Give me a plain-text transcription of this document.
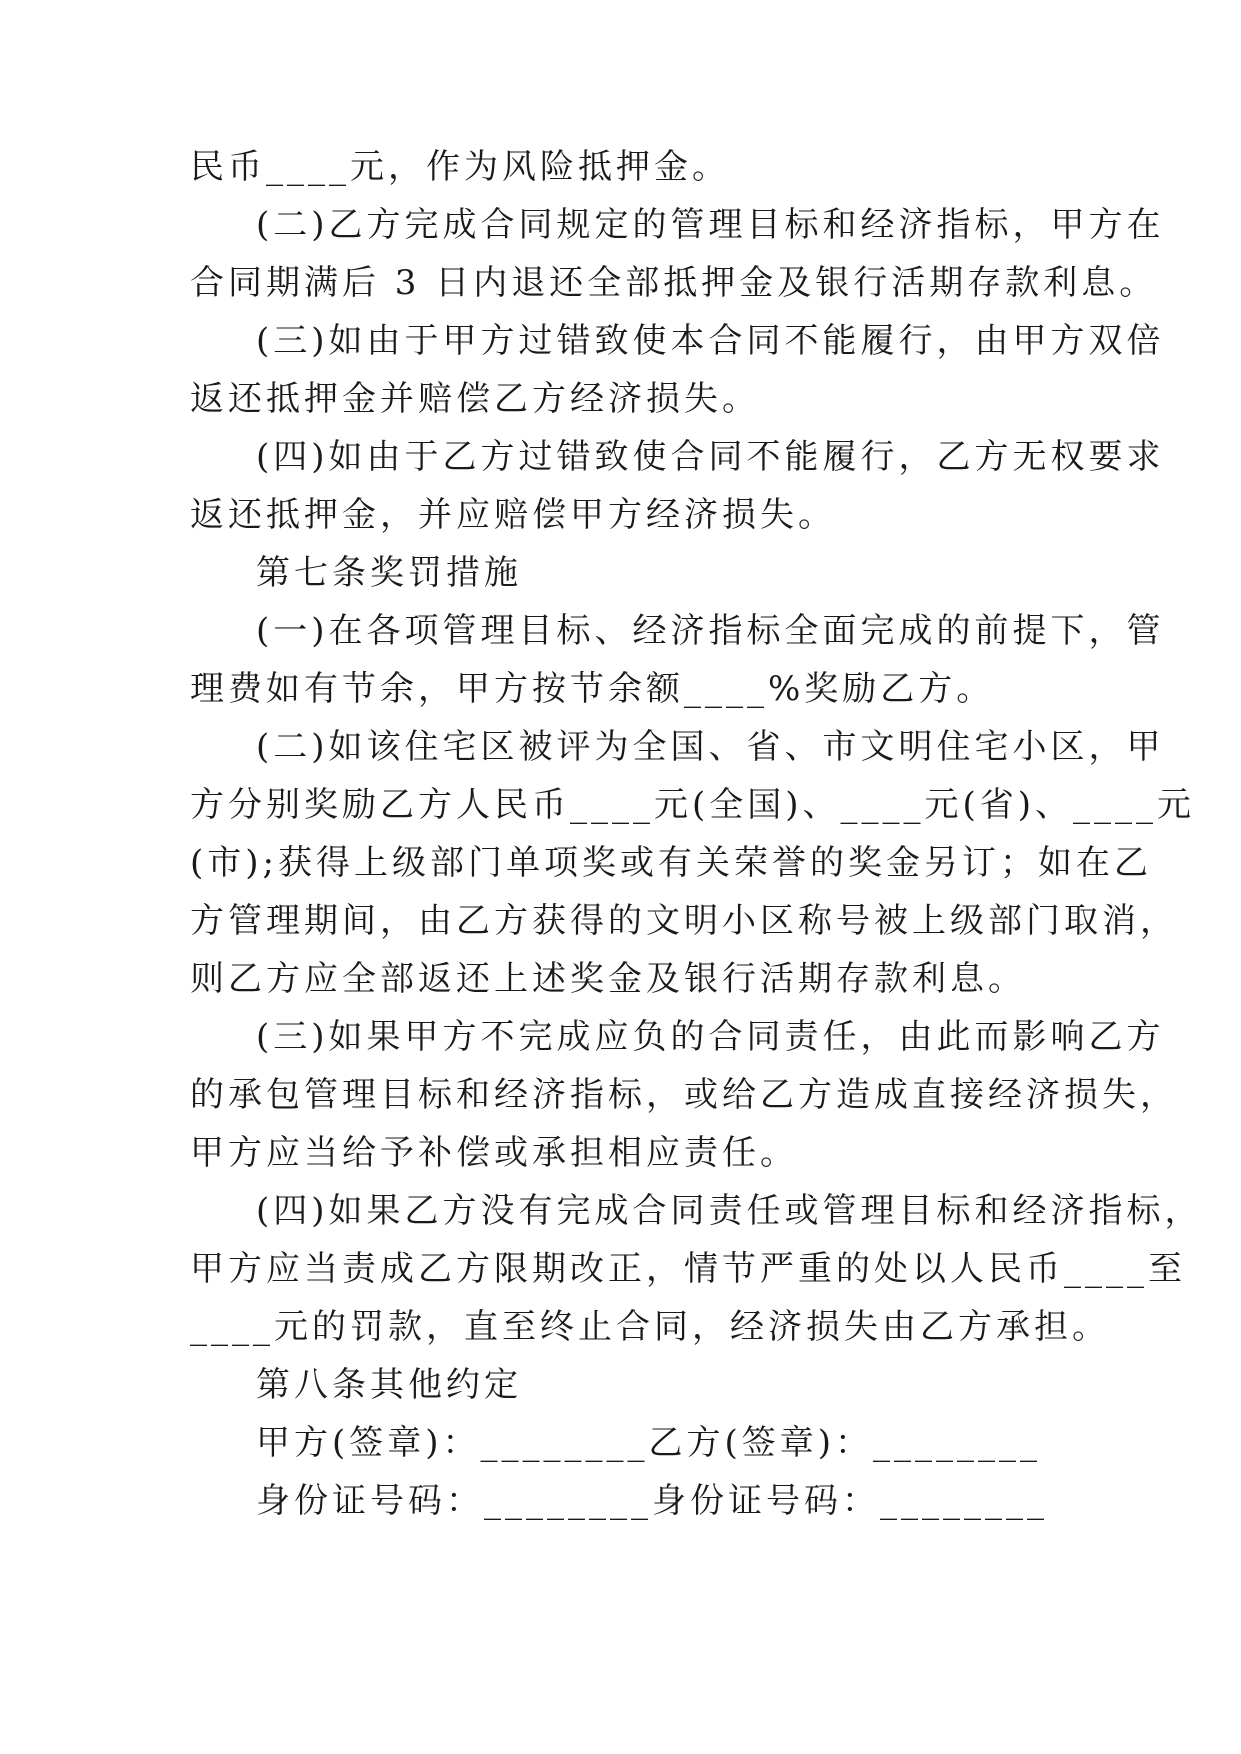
民币____元，作为风险抵押金。
(二)乙方完成合同规定的管理目标和经济指标，甲方在
合同期满后 3 日内退还全部抵押金及银行活期存款利息。
(三)如由于甲方过错致使本合同不能履行，由甲方双倍
返还抵押金并赔偿乙方经济损失。
(四)如由于乙方过错致使合同不能履行，乙方无权要求
返还抵押金，并应赔偿甲方经济损失。
第七条奖罚措施
(一)在各项管理目标、经济指标全面完成的前提下，管
理费如有节余，甲方按节余额____%奖励乙方。
(二)如该住宅区被评为全国、省、市文明住宅小区，甲
方分别奖励乙方人民币____元(全国)、____元(省)、____元
(市);获得上级部门单项奖或有关荣誉的奖金另订；如在乙
方管理期间，由乙方获得的文明小区称号被上级部门取消，
则乙方应全部返还上述奖金及银行活期存款利息。
(三)如果甲方不完成应负的合同责任，由此而影响乙方
的承包管理目标和经济指标，或给乙方造成直接经济损失，
甲方应当给予补偿或承担相应责任。
(四)如果乙方没有完成合同责任或管理目标和经济指标，
甲方应当责成乙方限期改正，情节严重的处以人民币____至
____元的罚款，直至终止合同，经济损失由乙方承担。
第八条其他约定
甲方(签章)：________乙方(签章)：________
身份证号码：________身份证号码：________
